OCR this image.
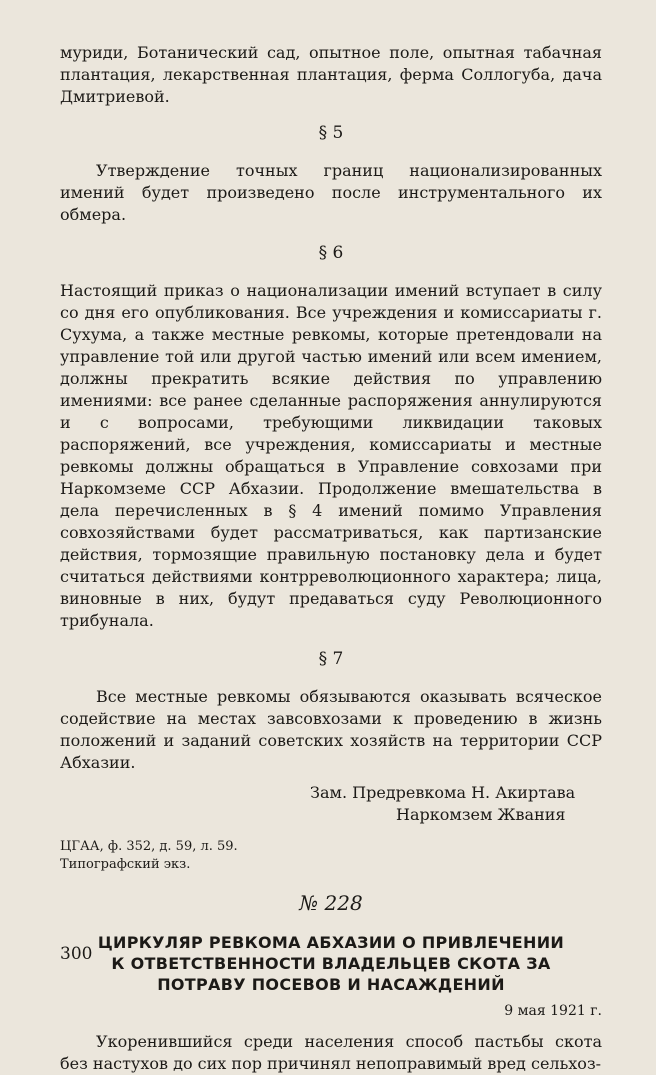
муриди, Ботанический сад, опытное поле, опытная табачная плантация, лекарственная плантация, ферма Соллогуба, дача Дмитриевой.

§ 5

Утверждение точных границ национализированных имений будет произведено после инструментального их обмера.

§ 6

Настоящий приказ о национализации имений вступает в силу со дня его опубликования. Все учреждения и комиссариаты г. Сухума, а также местные ревкомы, которые претендовали на управление той или другой частью имений или всем имением, должны прекратить всякие действия по управлению имениями: все ранее сделанные распоряжения аннулируются и с вопросами, требующими ликвидации таковых распоряжений, все учреждения, комиссариаты и местные ревкомы должны обращаться в Управление совхозами при Наркомземе ССР Абхазии. Продолжение вмешательства в дела перечисленных в § 4 имений помимо Управления совхозяйствами будет рассматриваться, как партизанские действия, тормозящие правильную постановку дела и будет считаться действиями контрреволюционного характера; лица, виновные в них, будут предаваться суду Революционного трибунала.

§ 7

Все местные ревкомы обязываются оказывать всяческое содействие на местах завсовхозами к проведению в жизнь положений и заданий советских хозяйств на территории ССР Абхазии.

Зам. Предревкома Н. Акиртава
Наркомзем Жвания

ЦГАА, ф. 352, д. 59, л. 59.

Типографский экз.

№ 228

ЦИРКУЛЯР РЕВКОМА АБХАЗИИ О ПРИВЛЕЧЕНИИ

К ОТВЕТСТВЕННОСТИ ВЛАДЕЛЬЦЕВ СКОТА ЗА

ПОТРАВУ ПОСЕВОВ И НАСАЖДЕНИЙ

9 мая 1921 г.

Укоренившийся среди населения способ пастьбы скота без настухов до сих пор причинял непоправимый вред сельхоз-

300
